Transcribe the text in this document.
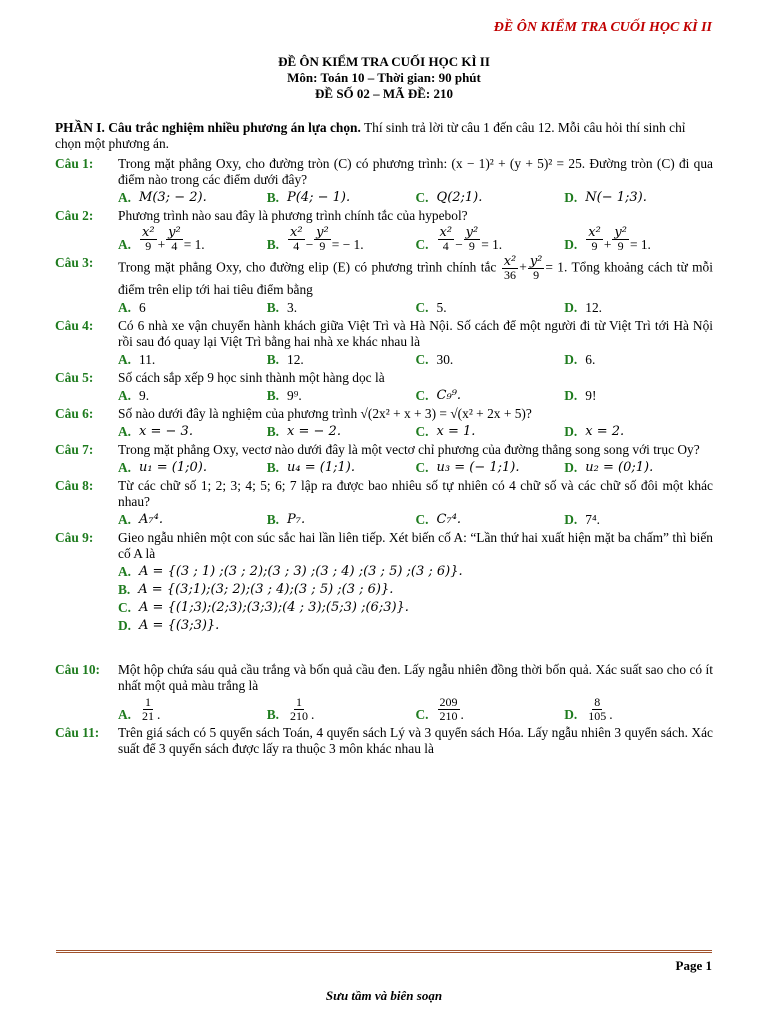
ĐỀ ÔN KIỂM TRA CUỐI HỌC KÌ II
ĐỀ ÔN KIỂM TRA CUỐI HỌC KÌ II
Môn: Toán 10 – Thời gian: 90 phút
ĐỀ SỐ 02 – MÃ ĐỀ: 210
PHẦN I. Câu trắc nghiệm nhiều phương án lựa chọn. Thí sinh trả lời từ câu 1 đến câu 12. Mỗi câu hỏi thí sinh chỉ chọn một phương án.
Câu 1: Trong mặt phẳng Oxy, cho đường tròn (C) có phương trình: (x − 1)² + (y + 5)² = 25. Đường tròn (C) đi qua điểm nào trong các điểm dưới đây?
A. M(3; − 2).	B. P(4; − 1).	C. Q(2;1).	D. N(− 1;3).
Câu 2: Phương trình nào sau đây là phương trình chính tắc của hypebol?
A. $\frac{\text{x²}}{9} + \frac{\text{y²}}{4} = 1$.	B. $\frac{\text{x²}}{4} - \frac{\text{y²}}{9}$ = − 1.	C. $\frac{\text{x²}}{4} - \frac{\text{y²}}{9} = 1$.	D. $\frac{\text{x²}}{9} + \frac{\text{y²}}{9} = 1$.
Câu 3: Trong mặt phẳng Oxy, cho đường elip (E) có phương trình chính tắc $\frac{\text{x²}}{36} + \frac{\text{y²}}{9} = 1$. Tổng khoảng cách từ mỗi điểm trên elip tới hai tiêu điểm bằng
A. 6	B. 3.	C. 5.	D. 12.
Câu 4: Có 6 nhà xe vận chuyển hành khách giữa Việt Trì và Hà Nội. Số cách để một người đi từ Việt Trì tới Hà Nội rồi sau đó quay lại Việt Trì bằng hai nhà xe khác nhau là
A. 11.	B. 12.	C. 30.	D. 6.
Câu 5: Số cách sắp xếp 9 học sinh thành một hàng dọc là
A. 9.	B. 9⁹.	C. C₉⁹.	D. 9!
Câu 6: Số nào dưới đây là nghiệm của phương trình √(2x² + x + 3) = √(x² + 2x + 5)?
A. x = − 3.	B. x = − 2.	C. x = 1.	D. x = 2.
Câu 7: Trong mặt phẳng Oxy, vectơ nào dưới đây là một vectơ chỉ phương của đường thẳng song song với trục Oy?
A. u₁ = (1;0).	B. u₄ = (1;1).	C. u₃ = (− 1;1).	D. u₂ = (0;1).
Câu 8: Từ các chữ số 1; 2; 3; 4; 5; 6; 7 lập ra được bao nhiêu số tự nhiên có 4 chữ số và các chữ số đôi một khác nhau?
A. A₇⁴.	B. P₇.	C. C₇⁴.	D. 7⁴.
Câu 9: Gieo ngẫu nhiên một con súc sắc hai lần liên tiếp. Xét biến cố A: “Lần thứ hai xuất hiện mặt ba chấm” thì biến cố A là
A. A = {(3 ; 1) ;(3 ; 2);(3 ; 3) ;(3 ; 4) ;(3 ; 5) ;(3 ; 6)}.
B. A = {(3;1);(3; 2);(3 ; 4);(3 ; 5) ;(3 ; 6)}.
C. A = {(1;3);(2;3);(3;3);(4 ; 3);(5;3) ;(6;3)}.
D. A = {(3;3)}.
Câu 10: Một hộp chứa sáu quả cầu trắng và bốn quả cầu đen. Lấy ngẫu nhiên đồng thời bốn quả. Xác suất sao cho có ít nhất một quả màu trắng là
A. $\frac{1}{21}$ .	B. $\frac{1}{210}$ .	C. $\frac{209}{210}$ .	D. $\frac{8}{105}$ .
Câu 11: Trên giá sách có 5 quyển sách Toán, 4 quyển sách Lý và 3 quyển sách Hóa. Lấy ngẫu nhiên 3 quyển sách. Xác suất để 3 quyển sách được lấy ra thuộc 3 môn khác nhau là
Page 1
Sưu tầm và biên soạn
